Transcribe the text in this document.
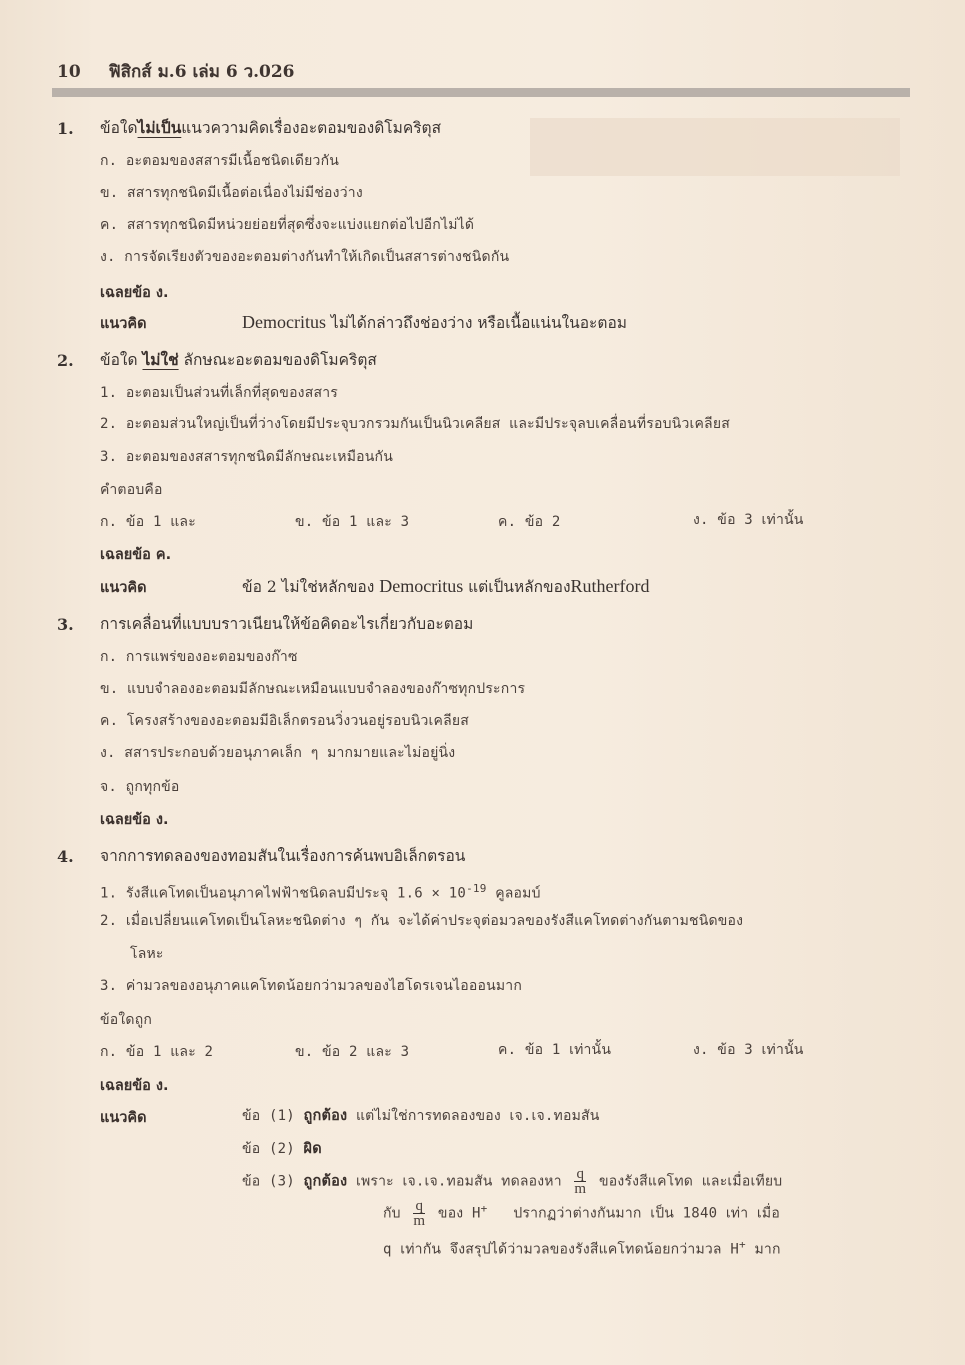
10 ฟิสิกส์ ม.6 เล่ม 6 ว.026
1. ข้อใดไม่เป็นแนวความคิดเรื่องอะตอมของดิโมคริตุส
ก. อะตอมของสสารมีเนื้อชนิดเดียวกัน
ข. สสารทุกชนิดมีเนื้อต่อเนื่องไม่มีช่องว่าง
ค. สสารทุกชนิดมีหน่วยย่อยที่สุดซึ่งจะแบ่งแยกต่อไปอีกไม่ได้
ง. การจัดเรียงตัวของอะตอมต่างกันทำให้เกิดเป็นสสารต่างชนิดกัน
เฉลยข้อ ง.
แนวคิด	Democritus ไม่ได้กล่าวถึงช่องว่าง หรือเนื้อแน่นในอะตอม
2. ข้อใด ไม่ใช่ ลักษณะอะตอมของดิโมคริตุส
1. อะตอมเป็นส่วนที่เล็กที่สุดของสสาร
2. อะตอมส่วนใหญ่เป็นที่ว่างโดยมีประจุบวกรวมกันเป็นนิวเคลียส และมีประจุลบเคลื่อนที่รอบนิวเคลียส
3. อะตอมของสสารทุกชนิดมีลักษณะเหมือนกัน
คำตอบคือ
ก. ข้อ 1 และ	ข. ข้อ 1 และ 3	ค. ข้อ 2	ง. ข้อ 3 เท่านั้น
เฉลยข้อ ค.
แนวคิด	ข้อ 2 ไม่ใช่หลักของ Democritus แต่เป็นหลักของRutherford
3. การเคลื่อนที่แบบบราวเนียนให้ข้อคิดอะไรเกี่ยวกับอะตอม
ก. การแพร่ของอะตอมของก๊าซ
ข. แบบจำลองอะตอมมีลักษณะเหมือนแบบจำลองของก๊าซทุกประการ
ค. โครงสร้างของอะตอมมีอิเล็กตรอนวิ่งวนอยู่รอบนิวเคลียส
ง. สสารประกอบด้วยอนุภาคเล็ก ๆ มากมายและไม่อยู่นิ่ง
จ. ถูกทุกข้อ
เฉลยข้อ ง.
4. จากการทดลองของทอมสันในเรื่องการค้นพบอิเล็กตรอน
1. รังสีแคโทดเป็นอนุภาคไฟฟ้าชนิดลบมีประจุ $1.6 \times 10^{-19}$ คูลอมบ์
2. เมื่อเปลี่ยนแคโทดเป็นโลหะชนิดต่าง ๆ กัน จะได้ค่าประจุต่อมวลของรังสีแคโทดต่างกันตามชนิดของ
โลหะ
3. ค่ามวลของอนุภาคแคโทดน้อยกว่ามวลของไฮโดรเจนไอออนมาก
ข้อใดถูก
ก. ข้อ 1 และ 2	ข. ข้อ 2 และ 3	ค. ข้อ 1 เท่านั้น	ง. ข้อ 3 เท่านั้น
เฉลยข้อ ง.
แนวคิด	ข้อ (1) ถูกต้อง แต่ไม่ใช่การทดลองของ เจ.เจ.ทอมสัน
ข้อ (2) ผิด
ข้อ (3) ถูกต้อง เพราะ เจ.เจ.ทอมสัน ทดลองหา $\frac{q}{m}$ ของรังสีแคโทด และเมื่อเทียบ
กับ $\frac{q}{m}$ ของ H+ ปรากฏว่าต่างกันมาก เป็น 1840 เท่า เมื่อ
q เท่ากัน จึงสรุปได้ว่ามวลของรังสีแคโทดน้อยกว่ามวล H+ มาก
